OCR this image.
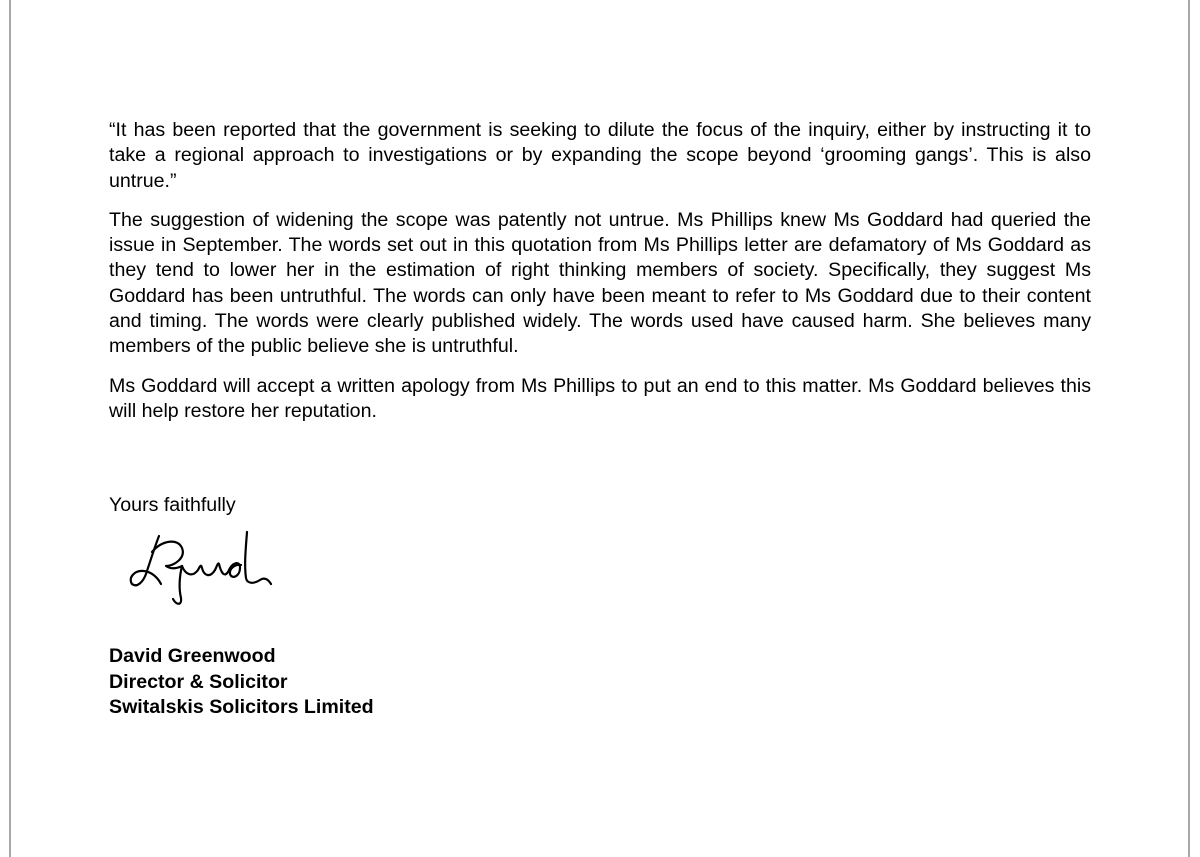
“It has been reported that the government is seeking to dilute the focus of the inquiry, either by instructing it to take a regional approach to investigations or by expanding the scope beyond ‘grooming gangs’. This is also untrue.”

The suggestion of widening the scope was patently not untrue. Ms Phillips knew Ms Goddard had queried the issue in September. The words set out in this quotation from Ms Phillips letter are defamatory of Ms Goddard as they tend to lower her in the estimation of right thinking members of society. Specifically, they suggest Ms Goddard has been untruthful. The words can only have been meant to refer to Ms Goddard due to their content and timing. The words were clearly published widely. The words used have caused harm. She believes many members of the public believe she is untruthful.

Ms Goddard will accept a written apology from Ms Phillips to put an end to this matter. Ms Goddard believes this will help restore her reputation.

Yours faithfully

David Greenwood

Director & Solicitor

Switalskis Solicitors Limited
